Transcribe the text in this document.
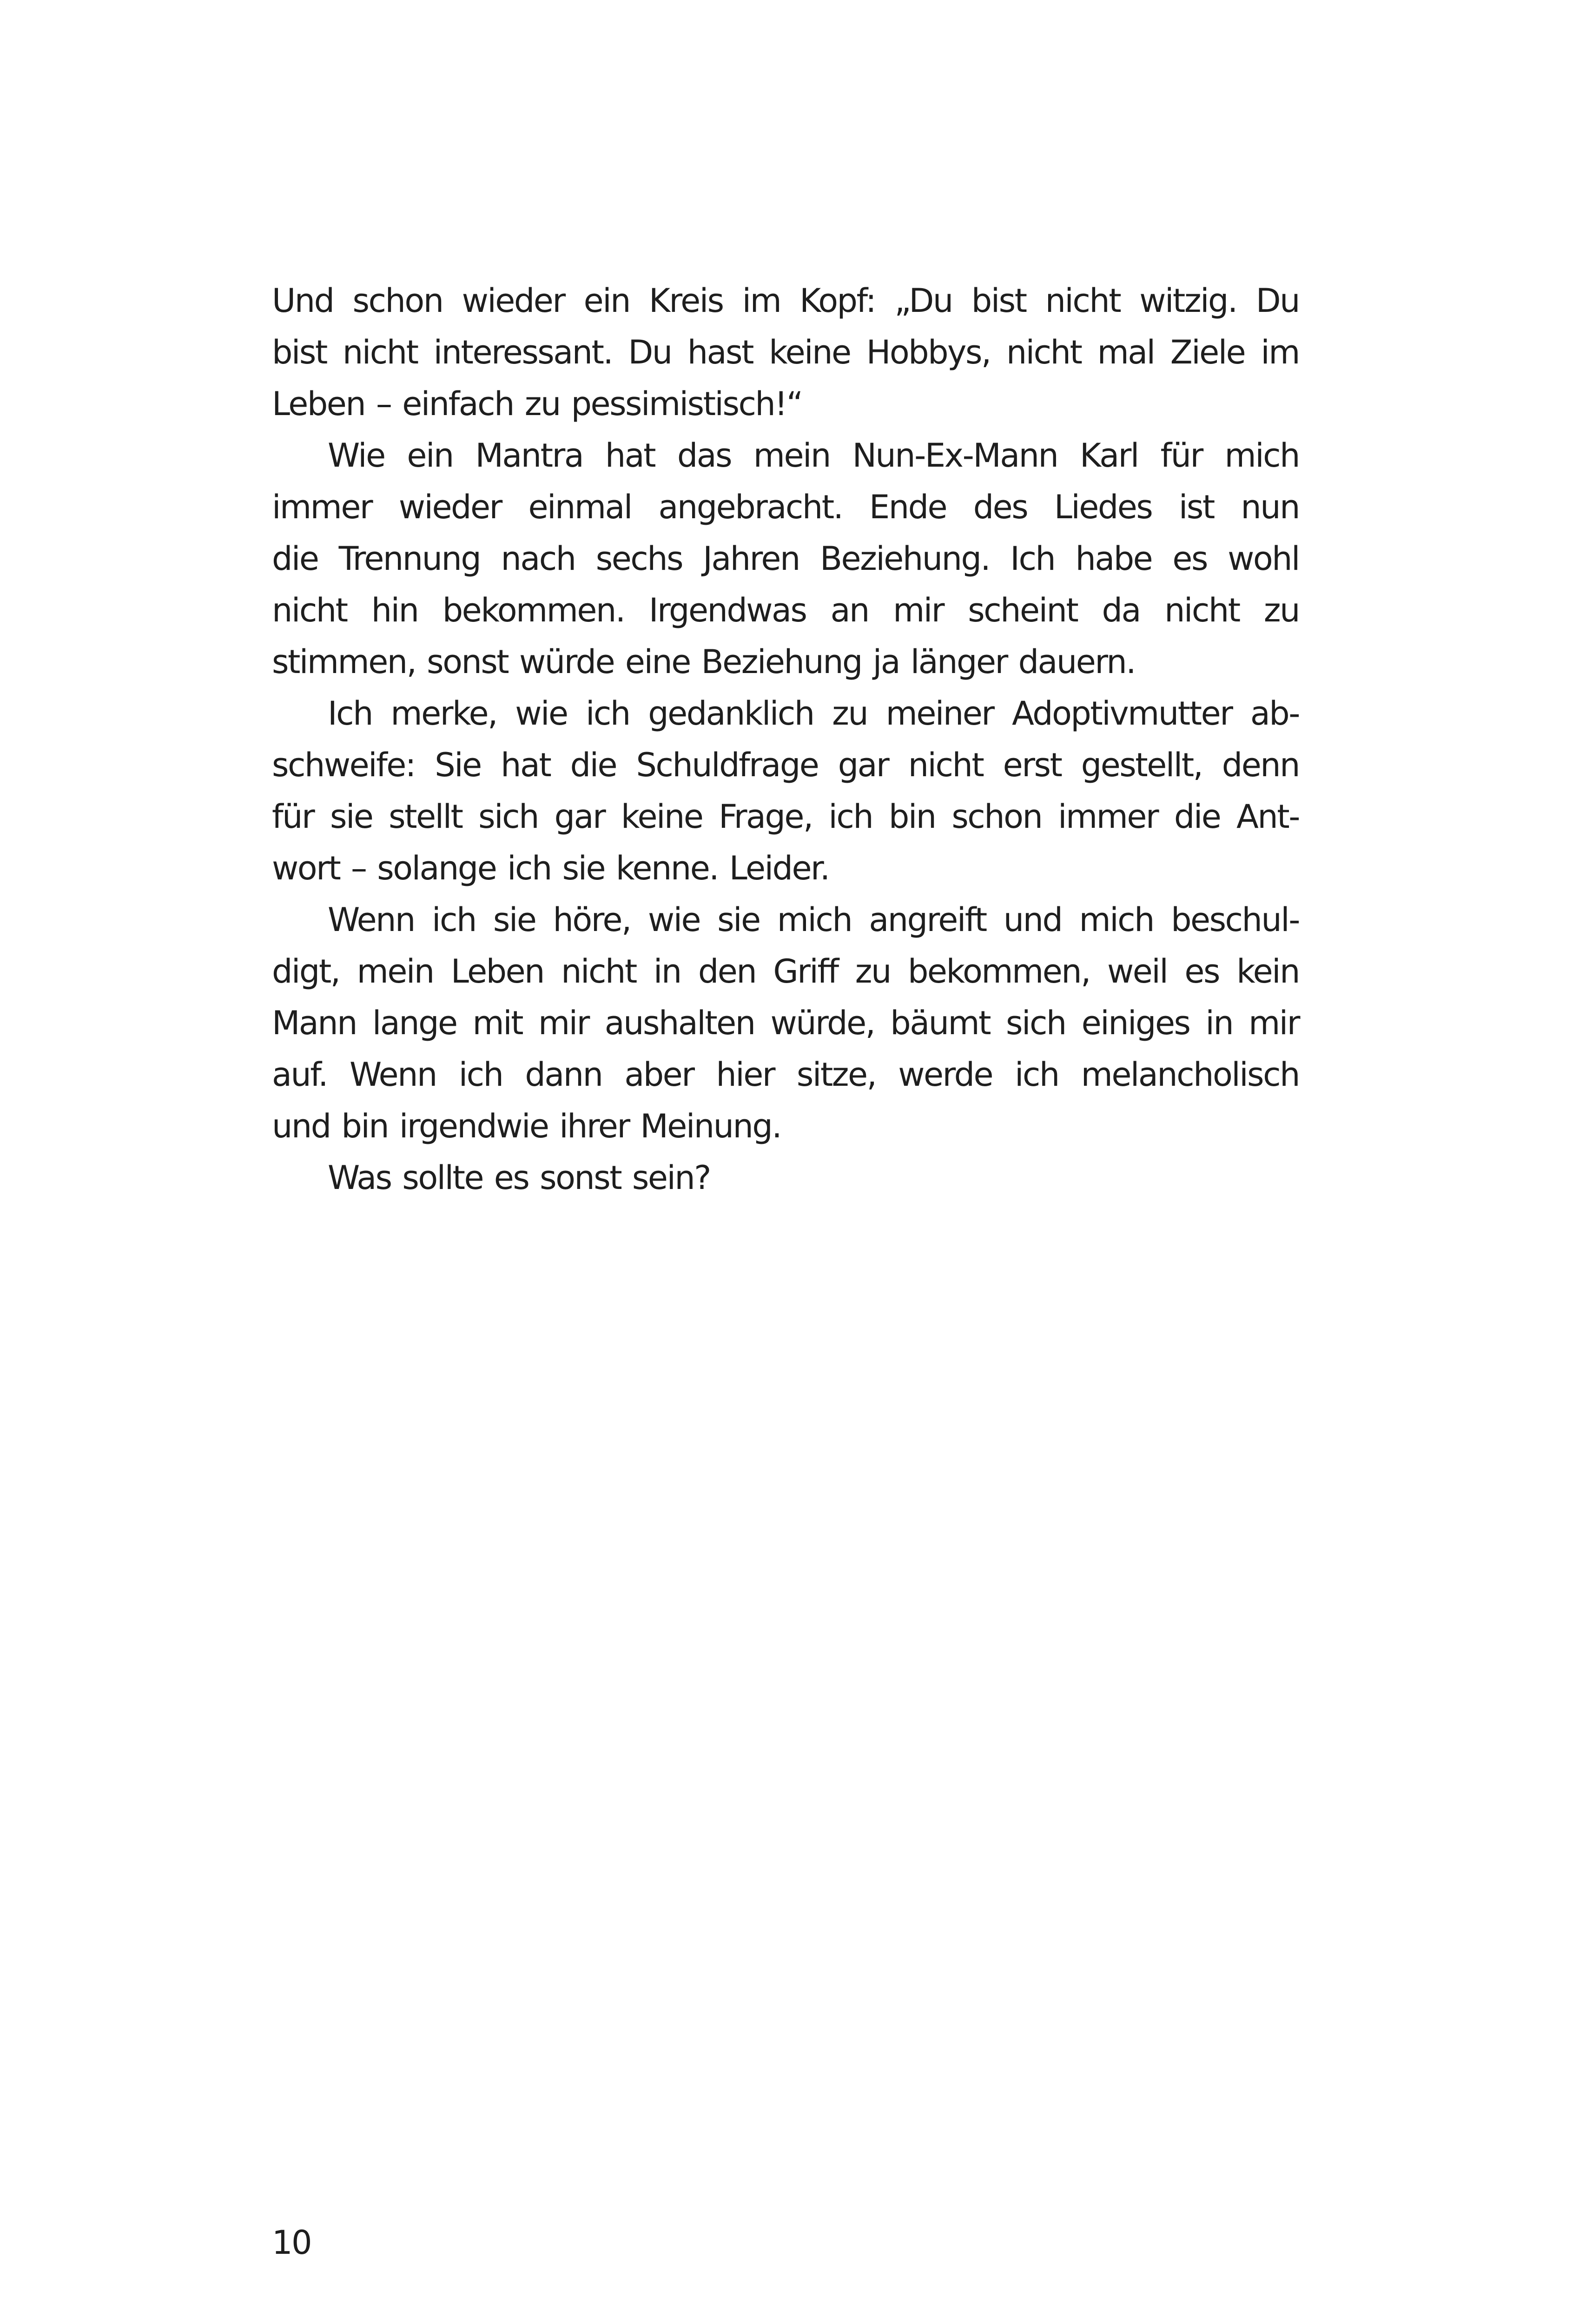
Und schon wieder ein Kreis im Kopf: „Du bist nicht witzig. Du
bist nicht interessant. Du hast keine Hobbys, nicht mal Ziele im
Leben – einfach zu pessimistisch!“
Wie ein Mantra hat das mein Nun-Ex-Mann Karl für mich
immer wieder einmal angebracht. Ende des Liedes ist nun
die Trennung nach sechs Jahren Beziehung. Ich habe es wohl
nicht hin bekommen. Irgendwas an mir scheint da nicht zu
stimmen, sonst würde eine Beziehung ja länger dauern.
Ich merke, wie ich gedanklich zu meiner Adoptivmutter ab-
schweife: Sie hat die Schuldfrage gar nicht erst gestellt, denn
für sie stellt sich gar keine Frage, ich bin schon immer die Ant-
wort – solange ich sie kenne. Leider.
Wenn ich sie höre, wie sie mich angreift und mich beschul-
digt, mein Leben nicht in den Griff zu bekommen, weil es kein
Mann lange mit mir aushalten würde, bäumt sich einiges in mir
auf. Wenn ich dann aber hier sitze, werde ich melancholisch
und bin irgendwie ihrer Meinung.
Was sollte es sonst sein?
10
